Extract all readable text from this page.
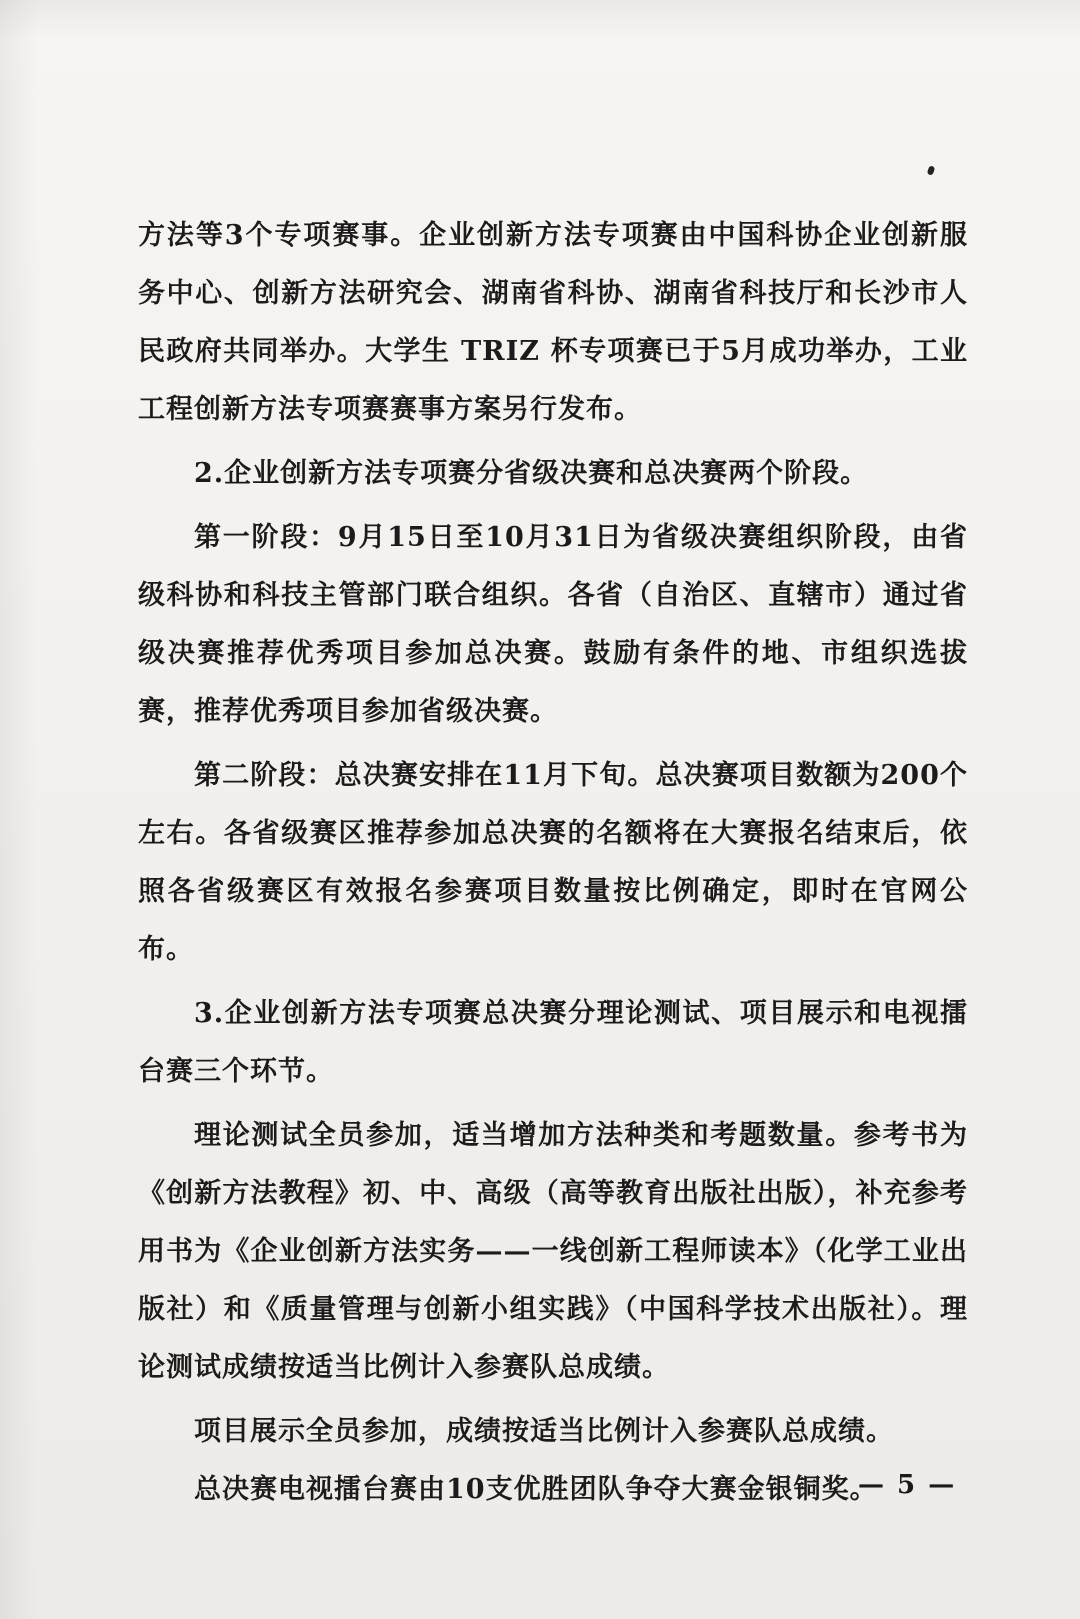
方法等3个专项赛事。企业创新方法专项赛由中国科协企业创新服务中心、创新方法研究会、湖南省科协、湖南省科技厅和长沙市人民政府共同举办。大学生 TRIZ 杯专项赛已于5月成功举办，工业工程创新方法专项赛赛事方案另行发布。

2.企业创新方法专项赛分省级决赛和总决赛两个阶段。

第一阶段：9月15日至10月31日为省级决赛组织阶段，由省级科协和科技主管部门联合组织。各省（自治区、直辖市）通过省级决赛推荐优秀项目参加总决赛。鼓励有条件的地、市组织选拔赛，推荐优秀项目参加省级决赛。

第二阶段：总决赛安排在11月下旬。总决赛项目数额为200个左右。各省级赛区推荐参加总决赛的名额将在大赛报名结束后，依照各省级赛区有效报名参赛项目数量按比例确定，即时在官网公布。

3.企业创新方法专项赛总决赛分理论测试、项目展示和电视擂台赛三个环节。

理论测试全员参加，适当增加方法种类和考题数量。参考书为《创新方法教程》初、中、高级（高等教育出版社出版），补充参考用书为《企业创新方法实务——一线创新工程师读本》（化学工业出版社）和《质量管理与创新小组实践》（中国科学技术出版社）。理论测试成绩按适当比例计入参赛队总成绩。

项目展示全员参加，成绩按适当比例计入参赛队总成绩。

总决赛电视擂台赛由10支优胜团队争夺大赛金银铜奖。

— 5 —
